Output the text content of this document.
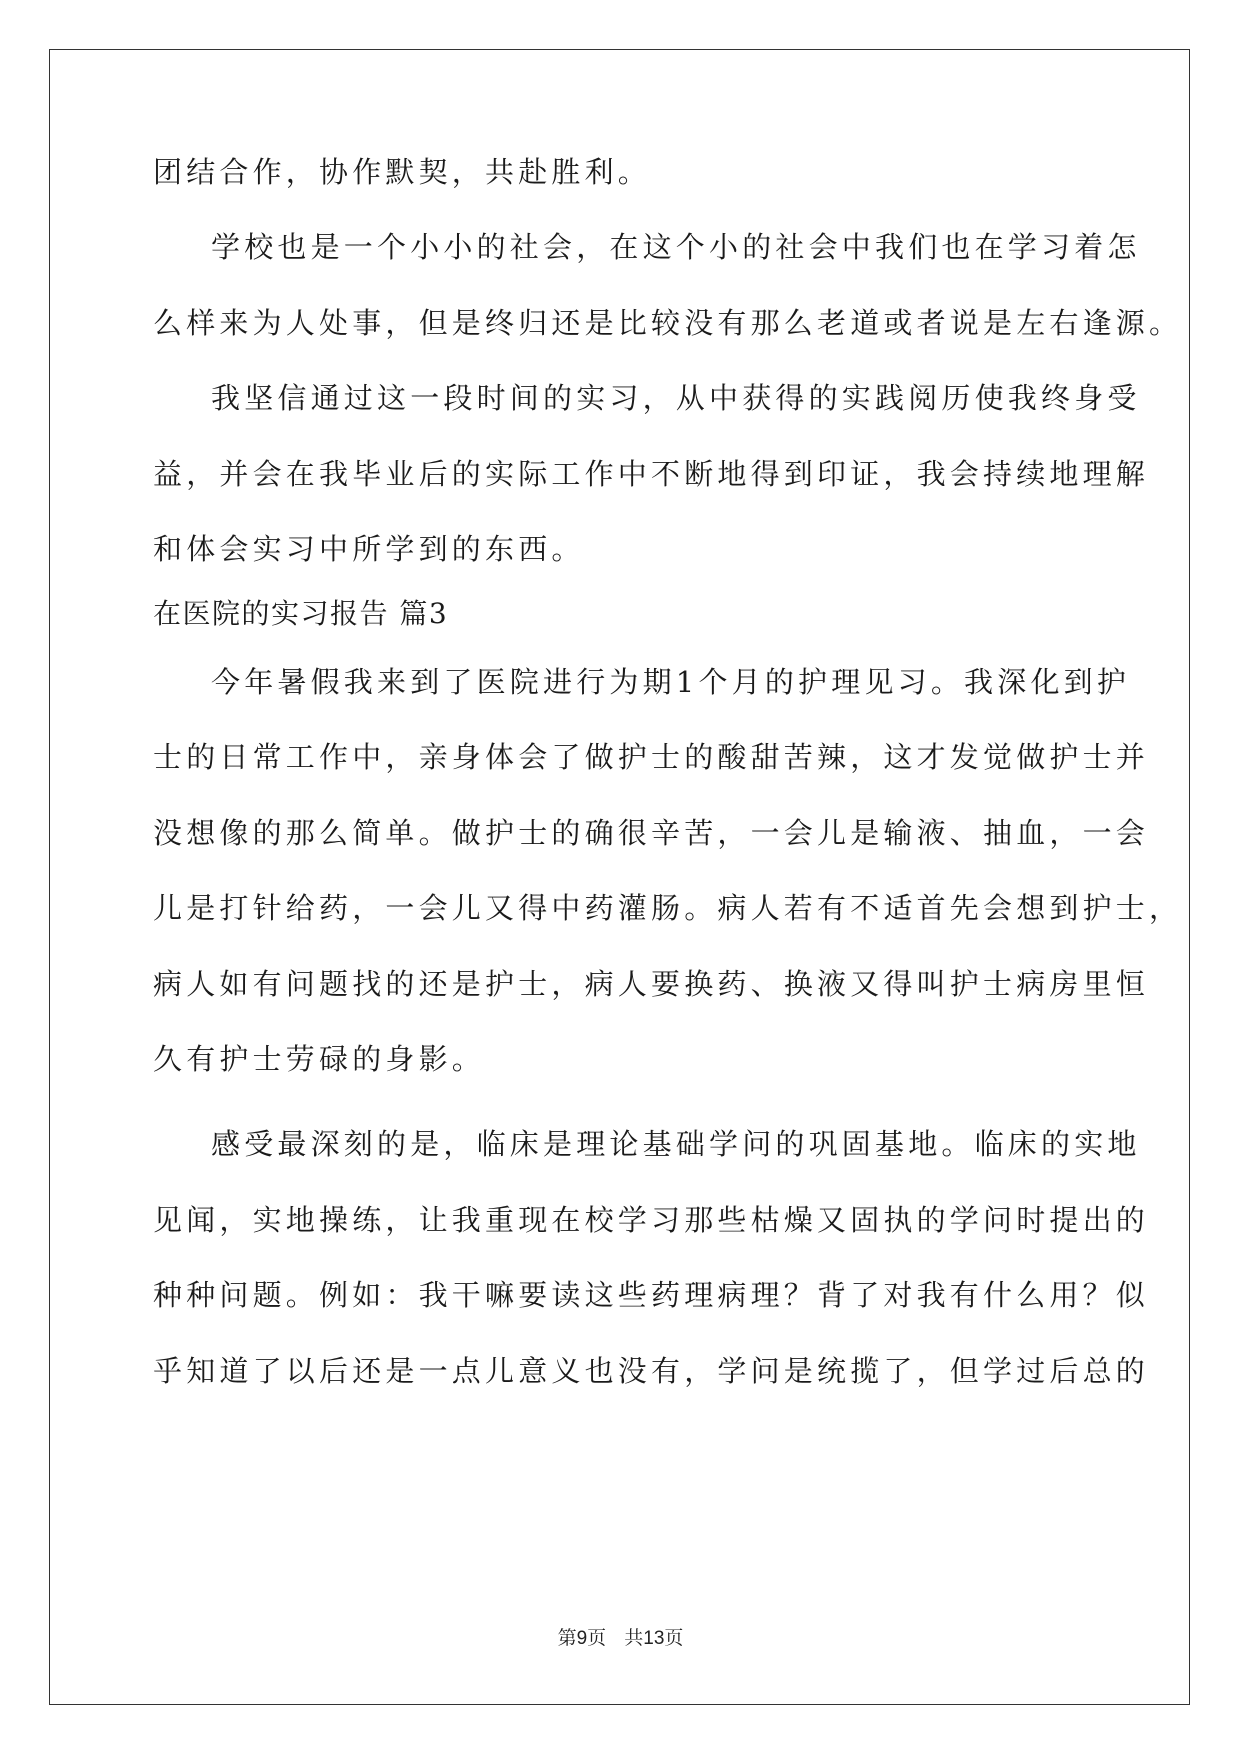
团结合作，协作默契，共赴胜利。
学校也是一个小小的社会，在这个小的社会中我们也在学习着怎
么样来为人处事，但是终归还是比较没有那么老道或者说是左右逢源。
我坚信通过这一段时间的实习，从中获得的实践阅历使我终身受
益，并会在我毕业后的实际工作中不断地得到印证，我会持续地理解
和体会实习中所学到的东西。
在医院的实习报告 篇3
今年暑假我来到了医院进行为期1个月的护理见习。我深化到护
士的日常工作中，亲身体会了做护士的酸甜苦辣，这才发觉做护士并
没想像的那么简单。做护士的确很辛苦，一会儿是输液、抽血，一会
儿是打针给药，一会儿又得中药灌肠。病人若有不适首先会想到护士，
病人如有问题找的还是护士，病人要换药、换液又得叫护士病房里恒
久有护士劳碌的身影。
感受最深刻的是，临床是理论基础学问的巩固基地。临床的实地
见闻，实地操练，让我重现在校学习那些枯燥又固执的学问时提出的
种种问题。例如：我干嘛要读这些药理病理？背了对我有什么用？似
乎知道了以后还是一点儿意义也没有，学问是统揽了，但学过后总的
第9页   共13页
